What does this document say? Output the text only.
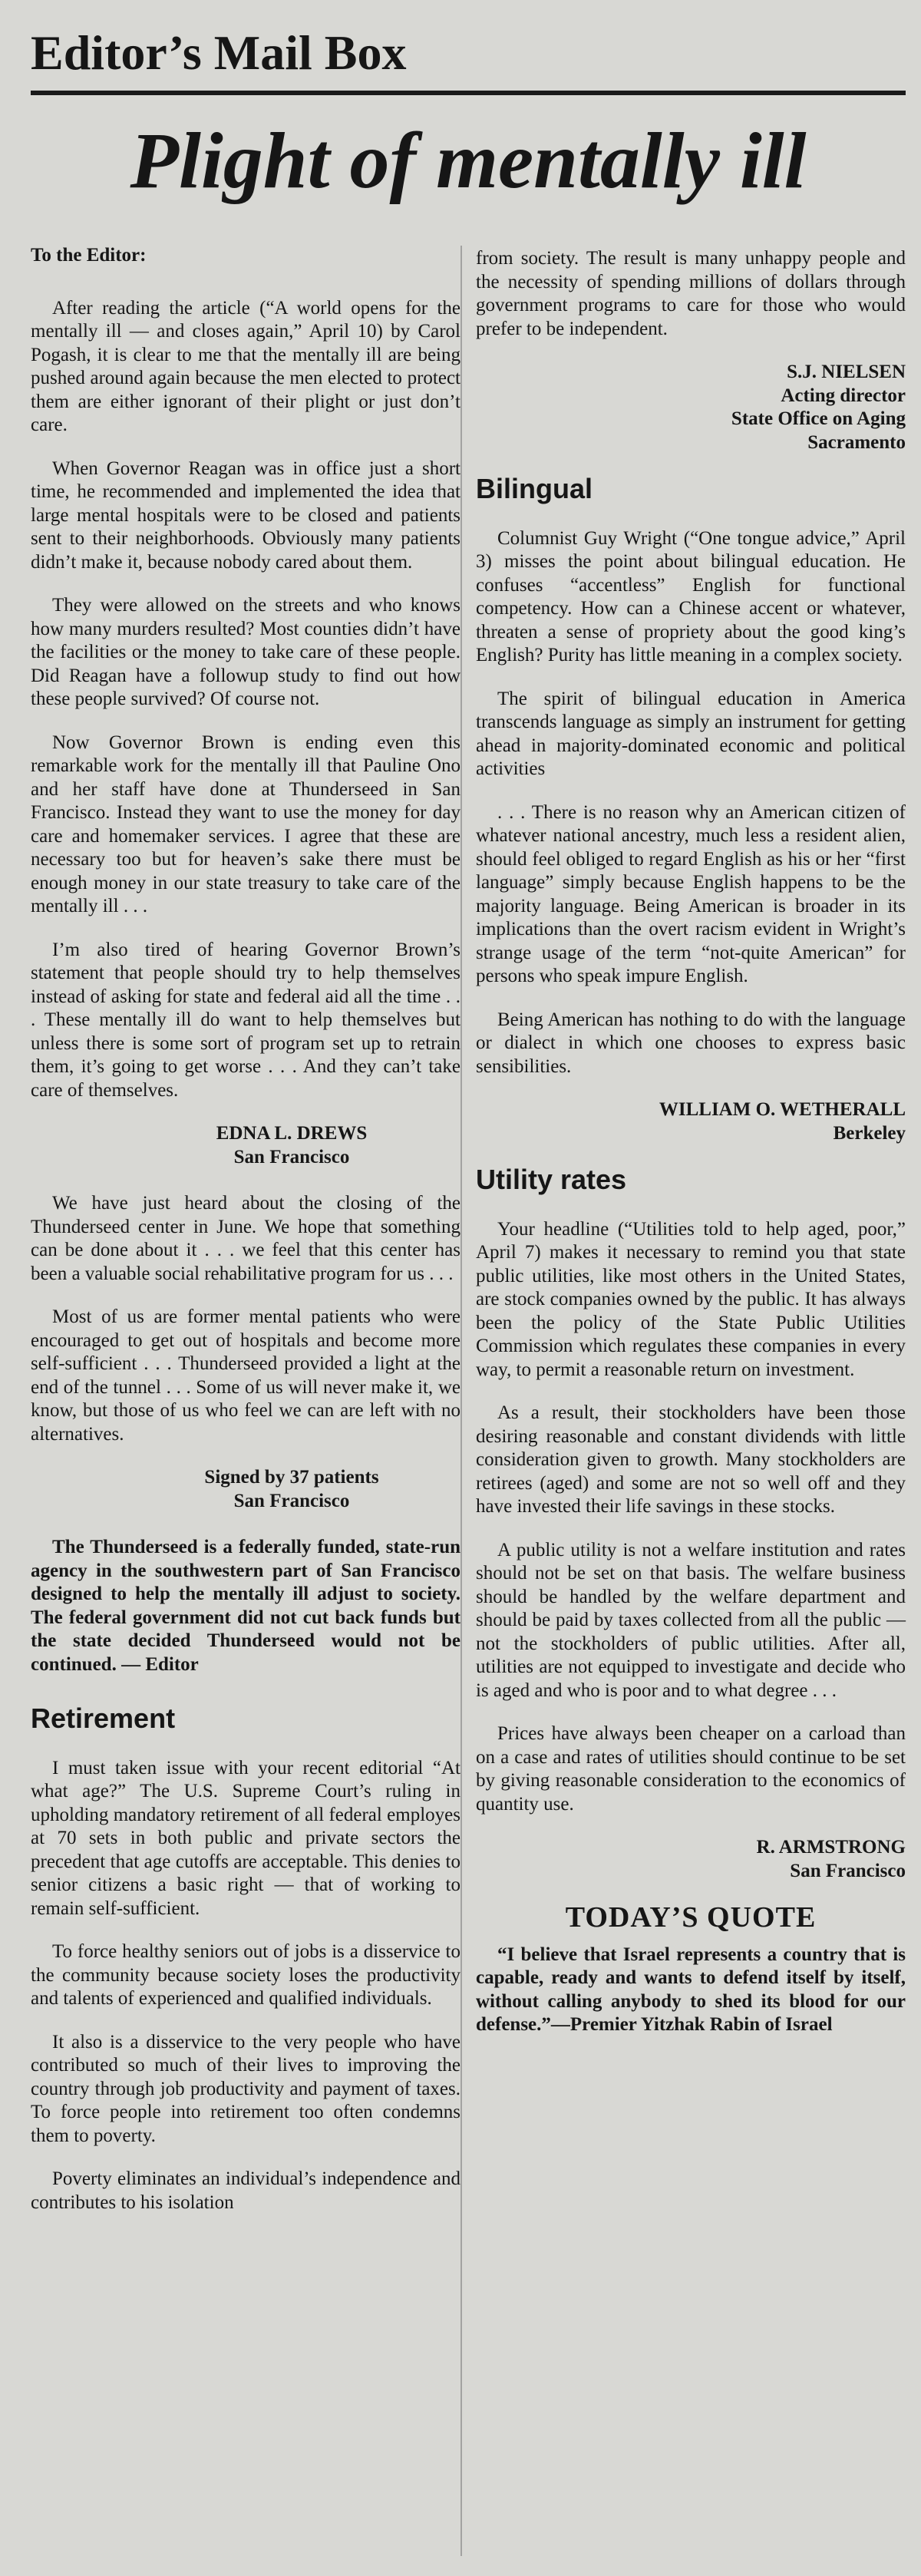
Editor’s Mail Box
Plight of mentally ill
To the Editor:

After reading the article (“A world opens for the mentally ill — and closes again,” April 10) by Carol Pogash, it is clear to me that the mentally ill are being pushed around again because the men elected to protect them are either ignorant of their plight or just don’t care.

When Governor Reagan was in office just a short time, he recommended and implemented the idea that large mental hospitals were to be closed and patients sent to their neighborhoods. Obviously many patients didn’t make it, because nobody cared about them.

They were allowed on the streets and who knows how many murders resulted? Most counties didn’t have the facilities or the money to take care of these people. Did Reagan have a followup study to find out how these people survived? Of course not.

Now Governor Brown is ending even this remarkable work for the mentally ill that Pauline Ono and her staff have done at Thunderseed in San Francisco. Instead they want to use the money for day care and homemaker services. I agree that these are necessary too but for heaven’s sake there must be enough money in our state treasury to take care of the mentally ill . . .

I’m also tired of hearing Governor Brown’s statement that people should try to help themselves instead of asking for state and federal aid all the time . . . These mentally ill do want to help themselves but unless there is some sort of program set up to retrain them, it’s going to get worse . . . And they can’t take care of themselves.

EDNA L. DREWS

San Francisco

We have just heard about the closing of the Thunderseed center in June. We hope that something can be done about it . . . we feel that this center has been a valuable social rehabilitative program for us . . .

Most of us are former mental patients who were encouraged to get out of hospitals and become more self-sufficient . . . Thunderseed provided a light at the end of the tunnel . . . Some of us will never make it, we know, but those of us who feel we can are left with no alternatives.

Signed by 37 patients

San Francisco

The Thunderseed is a federally funded, state-run agency in the southwestern part of San Francisco designed to help the mentally ill adjust to society. The federal government did not cut back funds but the state decided Thunderseed would not be continued. — Editor

Retirement

I must taken issue with your recent editorial “At what age?” The U.S. Supreme Court’s ruling in upholding mandatory retirement of all federal employes at 70 sets in both public and private sectors the precedent that age cutoffs are acceptable. This denies to senior citizens a basic right — that of working to remain self-sufficient.

To force healthy seniors out of jobs is a disservice to the community because society loses the productivity and talents of experienced and qualified individuals.

It also is a disservice to the very people who have contributed so much of their lives to improving the country through job productivity and payment of taxes. To force people into retirement too often condemns them to poverty.

Poverty eliminates an individual’s independence and contributes to his isolation

from society. The result is many unhappy people and the necessity of spending millions of dollars through government programs to care for those who would prefer to be independent.

S.J. NIELSEN

Acting director

State Office on Aging

Sacramento

Bilingual

Columnist Guy Wright (“One tongue advice,” April 3) misses the point about bilingual education. He confuses “accentless” English for functional competency. How can a Chinese accent or whatever, threaten a sense of propriety about the good king’s English? Purity has little meaning in a complex society.

The spirit of bilingual education in America transcends language as simply an instrument for getting ahead in majority-dominated economic and political activities

. . . There is no reason why an American citizen of whatever national ancestry, much less a resident alien, should feel obliged to regard English as his or her “first language” simply because English happens to be the majority language. Being American is broader in its implications than the overt racism evident in Wright’s strange usage of the term “not-quite American” for persons who speak impure English.

Being American has nothing to do with the language or dialect in which one chooses to express basic sensibilities.

WILLIAM O. WETHERALL

Berkeley

Utility rates

Your headline (“Utilities told to help aged, poor,” April 7) makes it necessary to remind you that state public utilities, like most others in the United States, are stock companies owned by the public. It has always been the policy of the State Public Utilities Commission which regulates these companies in every way, to permit a reasonable return on investment.

As a result, their stockholders have been those desiring reasonable and constant dividends with little consideration given to growth. Many stockholders are retirees (aged) and some are not so well off and they have invested their life savings in these stocks.

A public utility is not a welfare institution and rates should not be set on that basis. The welfare business should be handled by the welfare department and should be paid by taxes collected from all the public — not the stockholders of public utilities. After all, utilities are not equipped to investigate and decide who is aged and who is poor and to what degree . . .

Prices have always been cheaper on a carload than on a case and rates of utilities should continue to be set by giving reasonable consideration to the economics of quantity use.

R. ARMSTRONG

San Francisco

TODAY’S QUOTE

“I believe that Israel represents a country that is capable, ready and wants to defend itself by itself, without calling anybody to shed its blood for our defense.”—Premier Yitzhak Rabin of Israel
